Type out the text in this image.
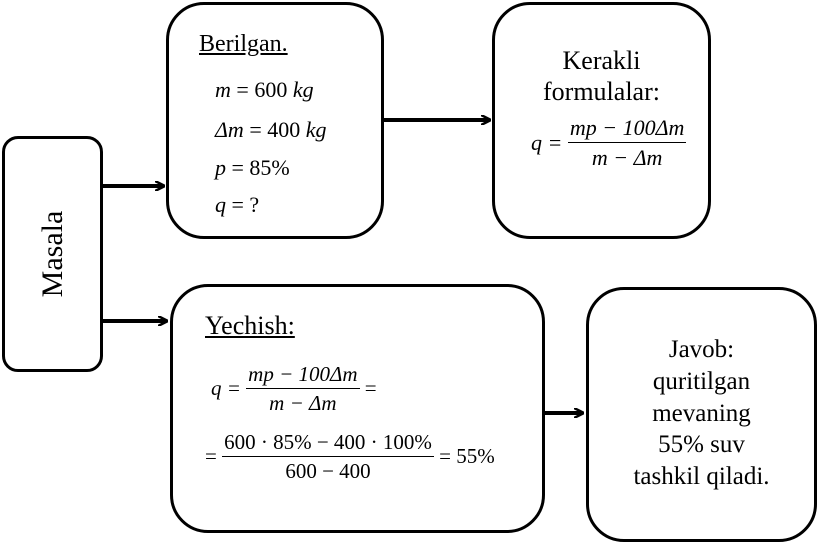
Masala
Berilgan.
m
=
600
kg
Δm
=
400
kg
p
=
85%
q
=
?
Kerakli
formulalar:
q =
$\frac{mp - 100\Delta m}{m - \Delta m}$
Yechish:
q =
$\frac{mp - 100\Delta m}{m - \Delta m}$
=
=
$\frac{600 \cdot 85\% - 400 \cdot 100\%}{600 - 400}$
= 55%
Javob:
quritilgan
mevaning
55% suv
tashkil qiladi.
